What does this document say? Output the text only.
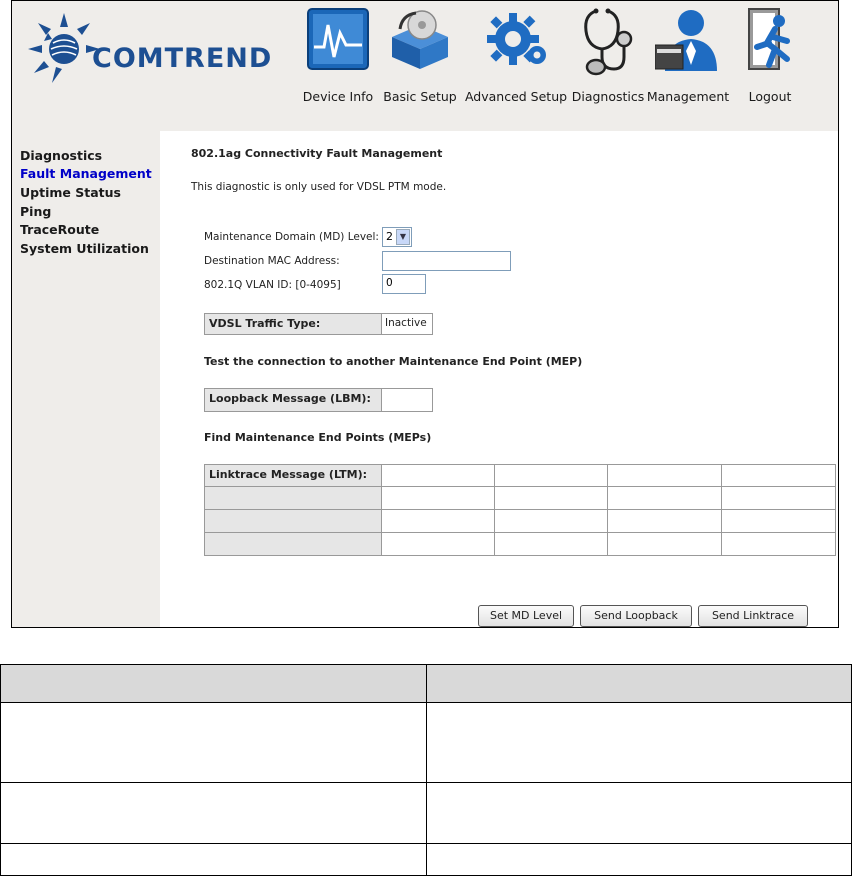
COMTREND
Device Info Basic Setup Advanced Setup Diagnostics Management Logout
Diagnostics
Fault Management
Uptime Status
Ping
TraceRoute
System Utilization
802.1ag Connectivity Fault Management
This diagnostic is only used for VDSL PTM mode.
Maintenance Domain (MD) Level: 2 ▼
Destination MAC Address:
802.1Q VLAN ID: [0-4095]	0
VDSL Traffic Type:	Inactive
Test the connection to another Maintenance End Point (MEP)
Loopback Message (LBM):
Find Maintenance End Points (MEPs)
Linktrace Message (LTM):
Set MD Level	Send Loopback	Send Linktrace
